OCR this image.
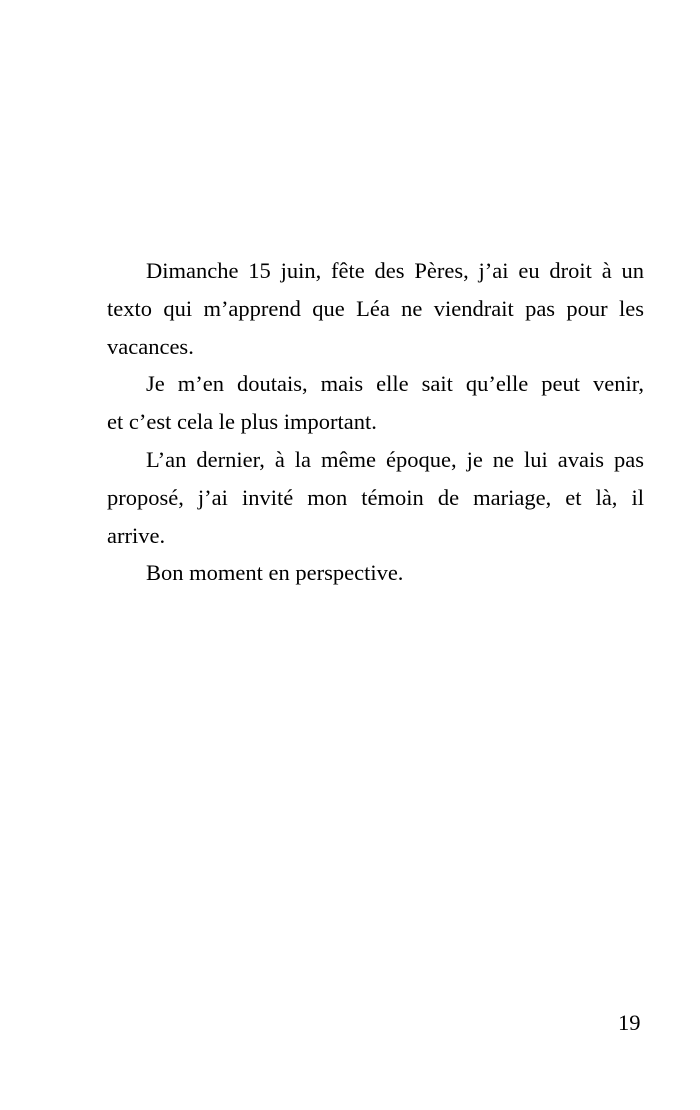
Dimanche 15 juin, fête des Pères, j’ai eu droit à un
texto qui m’apprend que Léa ne viendrait pas pour les
vacances.
Je m’en doutais, mais elle sait qu’elle peut venir,
et c’est cela le plus important.
L’an dernier, à la même époque, je ne lui avais pas
proposé, j’ai invité mon témoin de mariage, et là, il
arrive.
Bon moment en perspective.
19
